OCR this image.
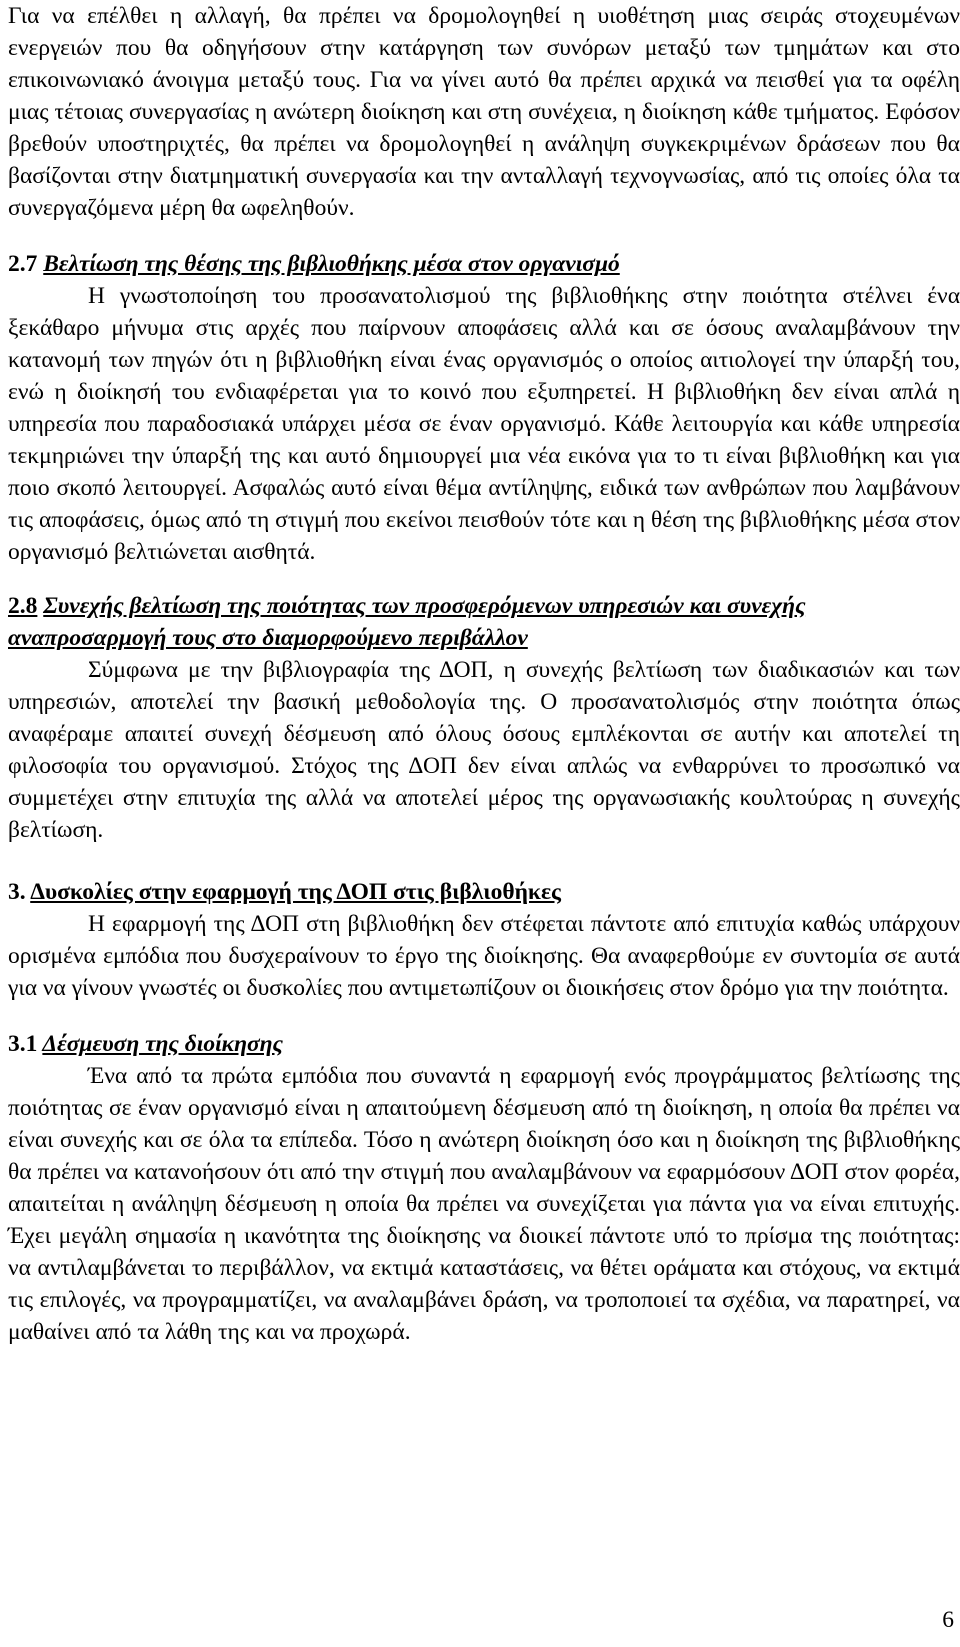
Για να επέλθει η αλλαγή, θα πρέπει να δρομολογηθεί η υιοθέτηση μιας σειράς στοχευμένων ενεργειών που θα οδηγήσουν στην κατάργηση των συνόρων μεταξύ των τμημάτων και στο επικοινωνιακό άνοιγμα μεταξύ τους. Για να γίνει αυτό θα πρέπει αρχικά να πεισθεί για τα οφέλη μιας τέτοιας συνεργασίας η ανώτερη διοίκηση και στη συνέχεια, η διοίκηση κάθε τμήματος. Εφόσον βρεθούν υποστηριχτές, θα πρέπει να δρομολογηθεί η ανάληψη συγκεκριμένων δράσεων που θα βασίζονται στην διατμηματική συνεργασία και την ανταλλαγή τεχνογνωσίας, από τις οποίες όλα τα συνεργαζόμενα μέρη θα ωφεληθούν.

2.7 Βελτίωση της θέσης της βιβλιοθήκης μέσα στον οργανισμό

Η γνωστοποίηση του προσανατολισμού της βιβλιοθήκης στην ποιότητα στέλνει ένα ξεκάθαρο μήνυμα στις αρχές που παίρνουν αποφάσεις αλλά και σε όσους αναλαμβάνουν την κατανομή των πηγών ότι η βιβλιοθήκη είναι ένας οργανισμός ο οποίος αιτιολογεί την ύπαρξή του, ενώ η διοίκησή του ενδιαφέρεται για το κοινό που εξυπηρετεί. Η βιβλιοθήκη δεν είναι απλά η υπηρεσία που παραδοσιακά υπάρχει μέσα σε έναν οργανισμό. Κάθε λειτουργία και κάθε υπηρεσία τεκμηριώνει την ύπαρξή της και αυτό δημιουργεί μια νέα εικόνα για το τι είναι βιβλιοθήκη και για ποιο σκοπό λειτουργεί. Ασφαλώς αυτό είναι θέμα αντίληψης, ειδικά των ανθρώπων που λαμβάνουν τις αποφάσεις, όμως από τη στιγμή που εκείνοι πεισθούν τότε και η θέση της βιβλιοθήκης μέσα στον οργανισμό βελτιώνεται αισθητά.

2.8 Συνεχής βελτίωση της ποιότητας των προσφερόμενων υπηρεσιών και συνεχής αναπροσαρμογή τους στο διαμορφούμενο περιβάλλον

Σύμφωνα με την βιβλιογραφία της ΔΟΠ, η συνεχής βελτίωση των διαδικασιών και των υπηρεσιών, αποτελεί την βασική μεθοδολογία της. Ο προσανατολισμός στην ποιότητα όπως αναφέραμε απαιτεί συνεχή δέσμευση από όλους όσους εμπλέκονται σε αυτήν και αποτελεί τη φιλοσοφία του οργανισμού. Στόχος της ΔΟΠ δεν είναι απλώς να ενθαρρύνει το προσωπικό να συμμετέχει στην επιτυχία της αλλά να αποτελεί μέρος της οργανωσιακής κουλτούρας η συνεχής βελτίωση.

3. Δυσκολίες στην εφαρμογή της ΔΟΠ στις βιβλιοθήκες

Η εφαρμογή της ΔΟΠ στη βιβλιοθήκη δεν στέφεται πάντοτε από επιτυχία καθώς υπάρχουν ορισμένα εμπόδια που δυσχεραίνουν το έργο της διοίκησης. Θα αναφερθούμε εν συντομία σε αυτά για να γίνουν γνωστές οι δυσκολίες που αντιμετωπίζουν οι διοικήσεις στον δρόμο για την ποιότητα.

3.1 Δέσμευση της διοίκησης

Ένα από τα πρώτα εμπόδια που συναντά η εφαρμογή ενός προγράμματος βελτίωσης της ποιότητας σε έναν οργανισμό είναι η απαιτούμενη δέσμευση από τη διοίκηση, η οποία θα πρέπει να είναι συνεχής και σε όλα τα επίπεδα. Τόσο η ανώτερη διοίκηση όσο και η διοίκηση της βιβλιοθήκης θα πρέπει να κατανοήσουν ότι από την στιγμή που αναλαμβάνουν να εφαρμόσουν ΔΟΠ στον φορέα, απαιτείται η ανάληψη δέσμευση η οποία θα πρέπει να συνεχίζεται για πάντα για να είναι επιτυχής. Έχει μεγάλη σημασία η ικανότητα της διοίκησης να διοικεί πάντοτε υπό το πρίσμα της ποιότητας: να αντιλαμβάνεται το περιβάλλον, να εκτιμά καταστάσεις, να θέτει οράματα και στόχους, να εκτιμά τις επιλογές, να προγραμματίζει, να αναλαμβάνει δράση, να τροποποιεί τα σχέδια, να παρατηρεί, να μαθαίνει από τα λάθη της και να προχωρά.

6
